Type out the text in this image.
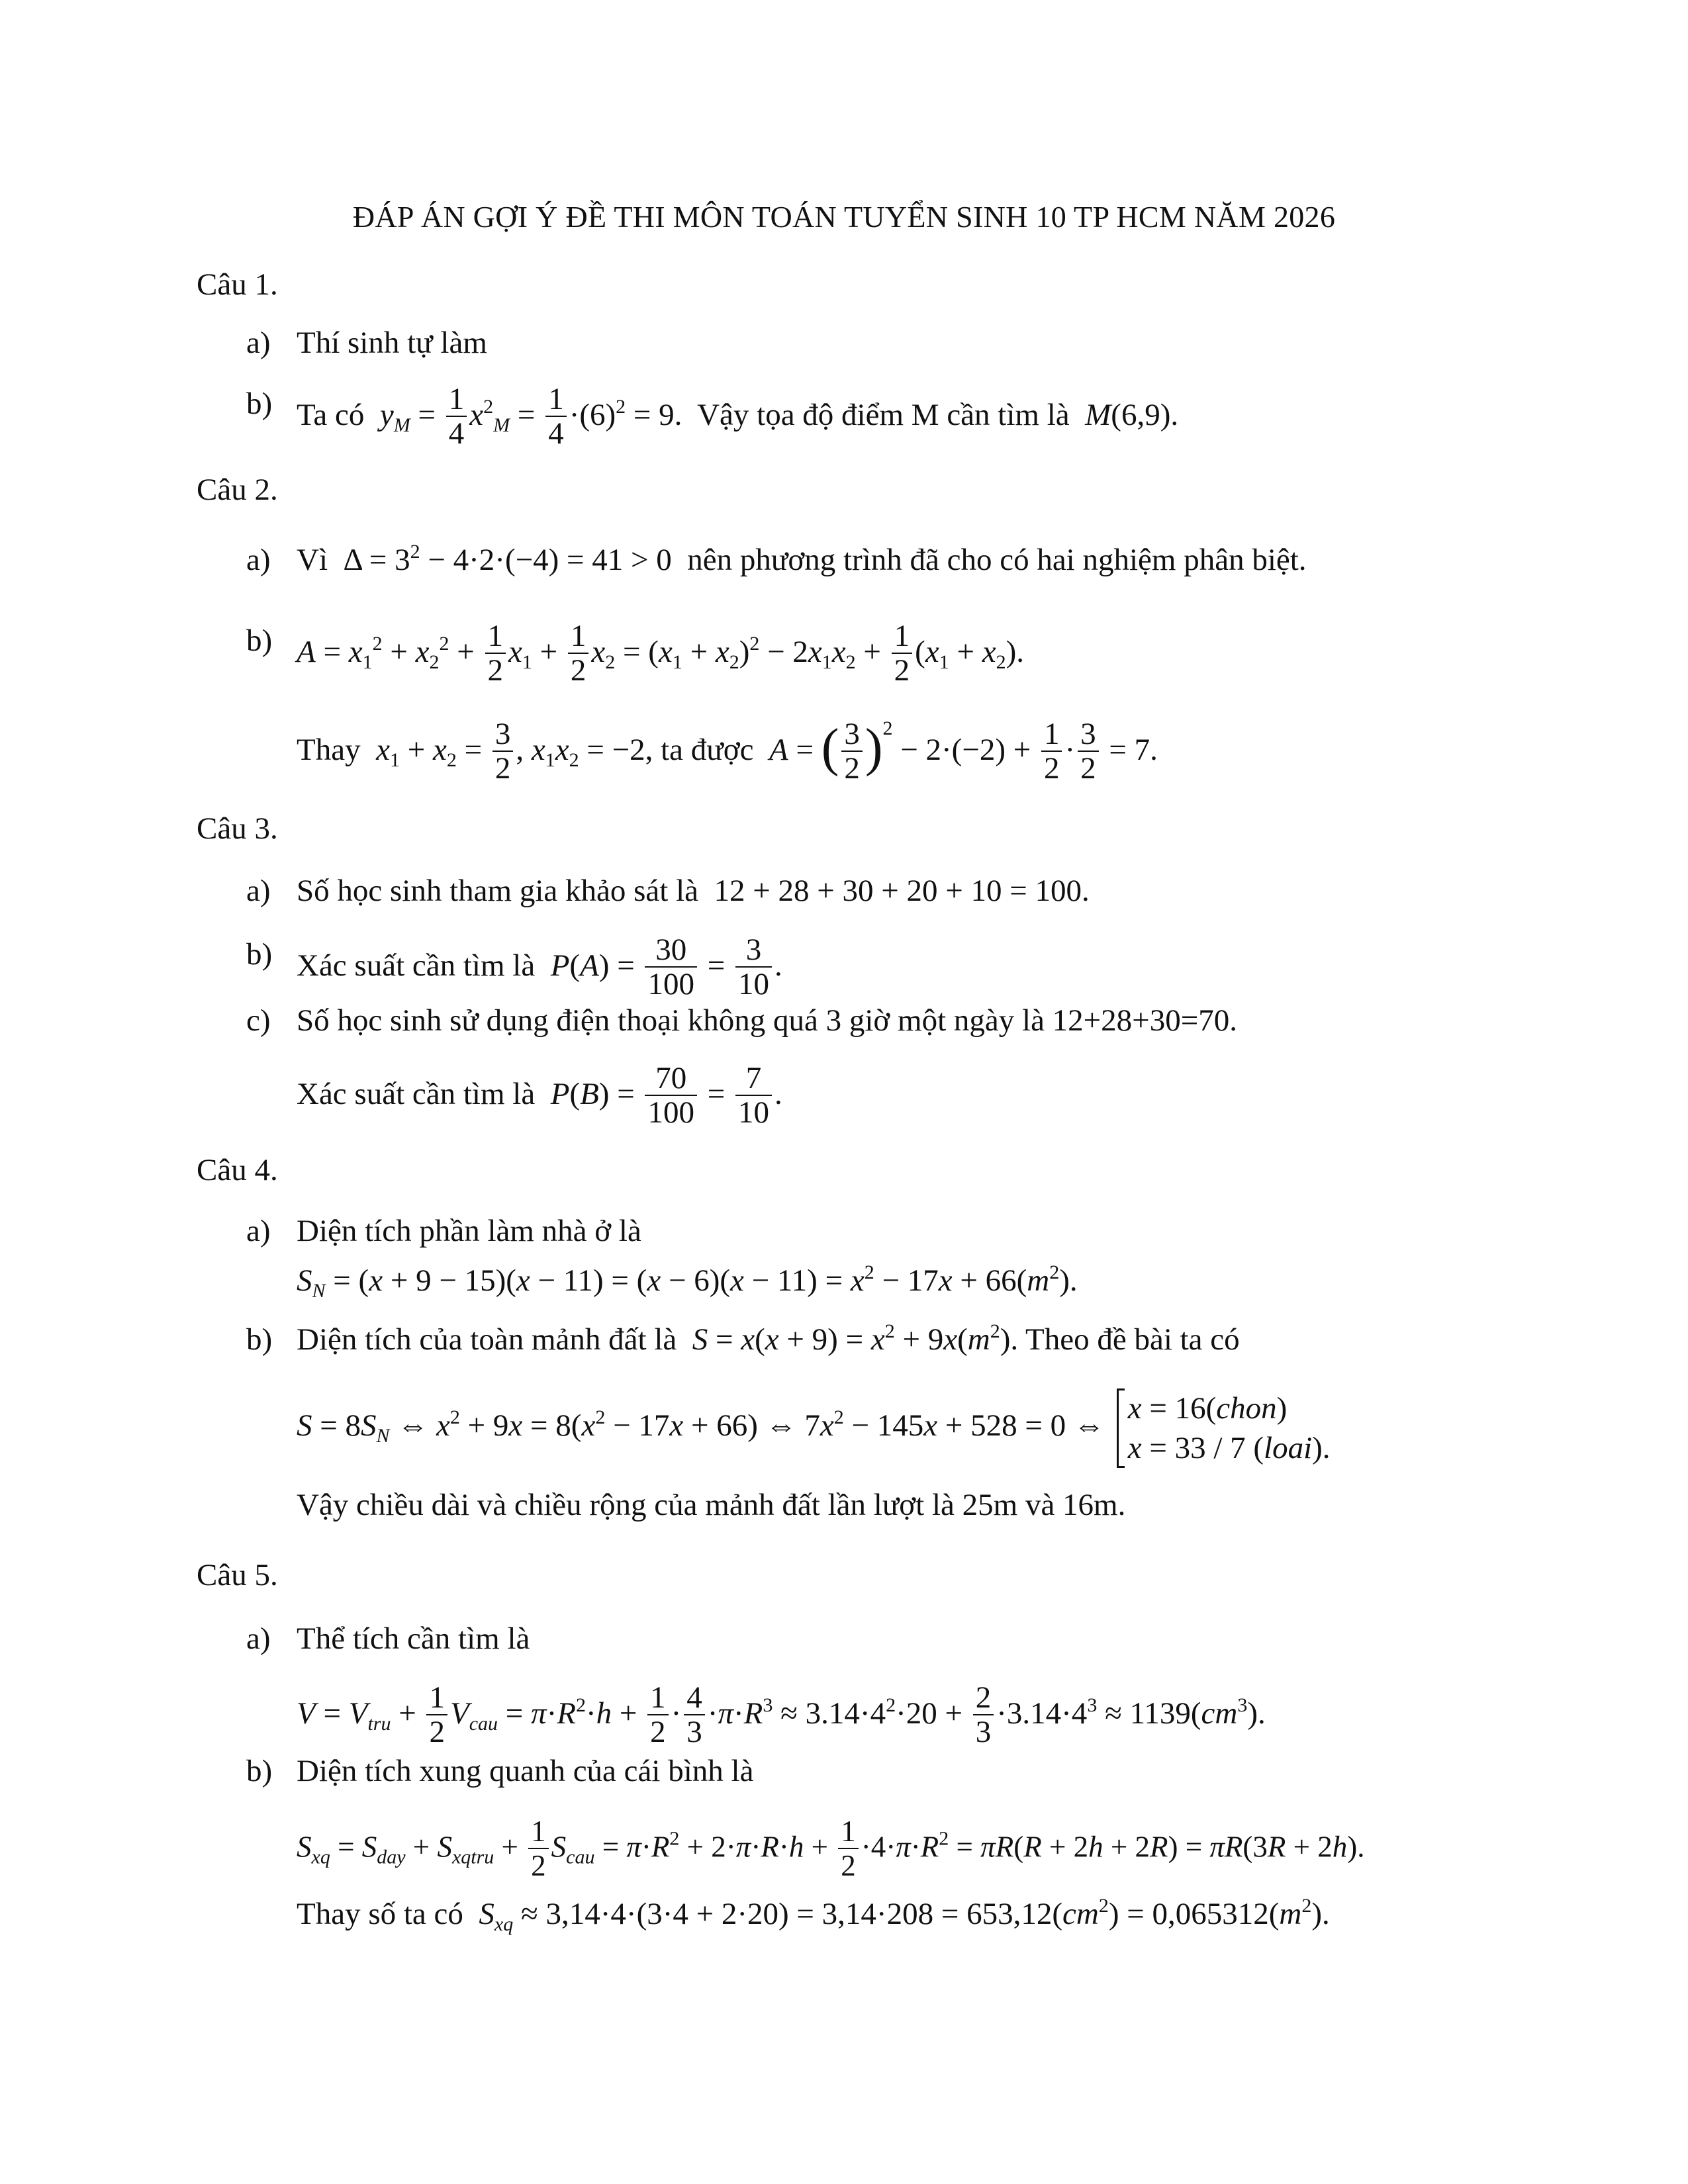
ĐÁP ÁN GỢI Ý ĐỀ THI MÔN TOÁN TUYỂN SINH 10 TP HCM NĂM 2026
Câu 1.
a) Thí sinh tự làm
b) Ta có $y_M = \frac{1}{4} x^2_M = \frac{1}{4} \cdot(6)^2 = 9$. Vậy tọa độ điểm M cần tìm là M(6,9).
Câu 2.
a) Vì $\Delta = 3^2 - 4\cdot 2\cdot(-4) = 41 > 0$ nên phương trình đã cho có hai nghiệm phân biệt.
b) $A = x_1^2 + x_2^2 + \frac{1}{2} x_1 + \frac{1}{2} x_2 = (x_1 + x_2)^2 - 2x_1x_2 + \frac{1}{2} (x_1 + x_2)$.
Thay $x_1 + x_2 = \frac{3}{2}$ , $x_1x_2 = -2$, ta được A = ( $\frac{3}{2} )^2 - 2\cdot(-2) + \frac{1}{2} \cdot \frac{3}{2} = 7$.
Câu 3.
a) Số học sinh tham gia khảo sát là 12 + 28 + 30 + 20 + 10 = 100.
b) Xác suất cần tìm là $P(A) = \frac{30}{100} = \frac{3}{10}$ .
c) Số học sinh sử dụng điện thoại không quá 3 giờ một ngày là 12+28+30=70.
Xác suất cần tìm là $P(B) = \frac{70}{100} = \frac{7}{10}$ .
Câu 4.
a) Diện tích phần làm nhà ở là
$S_N = (x + 9 - 15)(x - 11) = (x - 6)(x - 11) = x^2 - 17x + 66(m^2)$.
b) Diện tích của toàn mảnh đất là $S = x(x + 9) = x^2 + 9x(m^2)$. Theo đề bài ta có
$S = 8S_N$ ⇔ $x^2 + 9x = 8(x^2 - 17x + 66)$ ⇔ $7x^2 - 145x + 528 = 0$ ⇔ x = 16(chon)
x = 33 / 7 (loai).
Vậy chiều dài và chiều rộng của mảnh đất lần lượt là 25m và 16m.
Câu 5.
a) Thể tích cần tìm là
$V = V_{tru} + \frac{1}{2} V_{cau} = \pi\cdot R^2\cdot h + \frac{1}{2} \cdot \frac{4}{3} \cdot\pi\cdot R^3 \approx 3.14\cdot 4^2\cdot 20 + \frac{2}{3} \cdot 3.14\cdot 4^3 \approx 1139(cm^3)$.
b) Diện tích xung quanh của cái bình là
$S_{xq} = S_{day} + S_{xqtru} + \frac{1}{2} S_{cau} = \pi\cdot R^2 + 2\cdot\pi\cdot R\cdot h + \frac{1}{2} \cdot 4\cdot\pi\cdot R^2 = \pi R(R + 2h + 2R) = \pi R(3R + 2h)$.
Thay số ta có $S_{xq} \approx 3,14\cdot 4\cdot(3\cdot 4 + 2\cdot 20) = 3,14\cdot 208 = 653,12(cm^2) = 0,065312(m^2)$.
